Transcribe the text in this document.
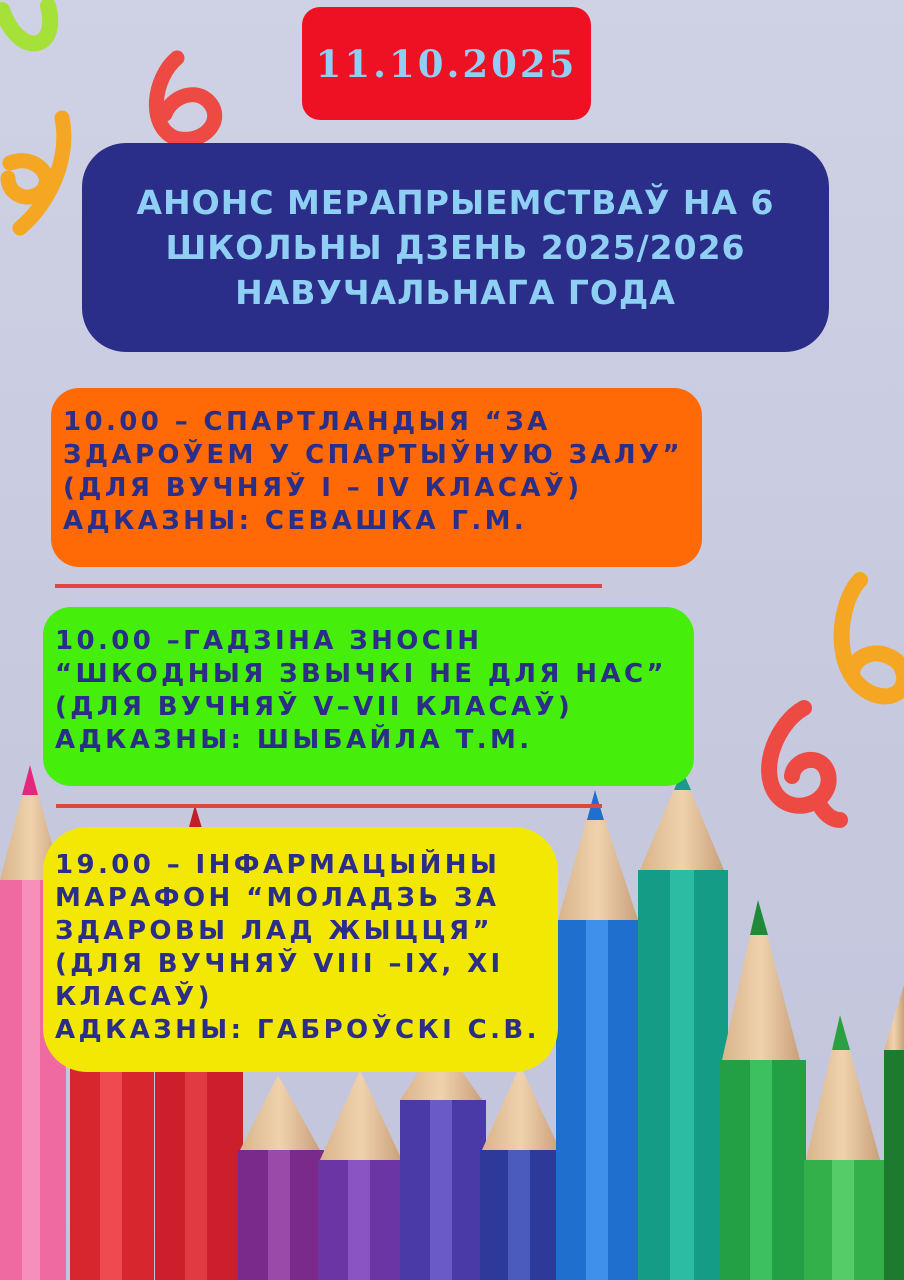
11.10.2025
АНОНС МЕРАПРЫЕМСТВАЎ НА 6
ШКОЛЬНЫ ДЗЕНЬ 2025/2026
НАВУЧАЛЬНАГА ГОДА
10.00 – СПАРТЛАНДЫЯ “ЗА
ЗДАРОЎЕМ У СПАРТЫЎНУЮ ЗАЛУ”
(ДЛЯ ВУЧНЯЎ I – IV КЛАСАЎ)
АДКАЗНЫ: СЕВАШКА Г.М.
10.00 –ГАДЗІНА ЗНОСІН
“ШКОДНЫЯ ЗВЫЧКІ НЕ ДЛЯ НАС”
(ДЛЯ ВУЧНЯЎ V–VII КЛАСАЎ)
АДКАЗНЫ: ШЫБАЙЛА Т.М.
19.00 – ІНФАРМАЦЫЙНЫ
МАРАФОН “МОЛАДЗЬ ЗА
ЗДАРОВЫ ЛАД ЖЫЦЦЯ”
(ДЛЯ ВУЧНЯЎ VIII –IX, XI
КЛАСАЎ)
АДКАЗНЫ: ГАБРОЎСКІ С.В.
